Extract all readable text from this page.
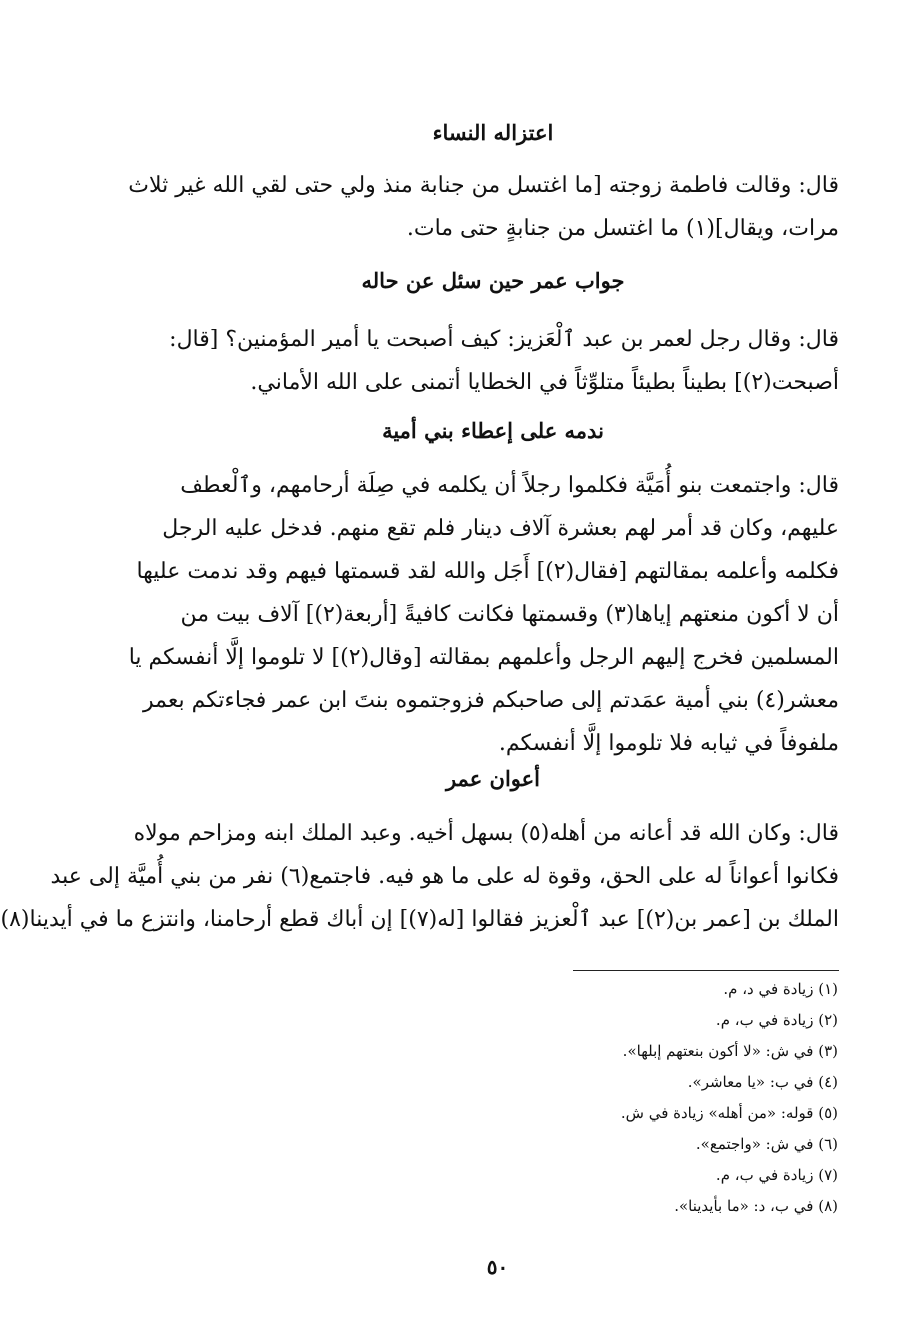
اعتزاله النساء
قال: وقالت فاطمة زوجته [ما اغتسل من جنابة منذ ولي حتى لقي الله غير ثلاث
مرات، ويقال](١) ما اغتسل من جنابةٍ حتى مات.
جواب عمر حين سئل عن حاله
قال: وقال رجل لعمر بن عبد ٱلْعَزيز: كيف أصبحت يا أمير المؤمنين؟ [قال:
أصبحت(٢)] بطيناً بطيئاً متلوِّثاً في الخطايا أتمنى على الله الأماني.
ندمه على إعطاء بني أمية
قال: واجتمعت بنو أُمَيَّة فكلموا رجلاً أن يكلمه في صِلَة أرحامهم، وٱلْعطف
عليهم، وكان قد أمر لهم بعشرة آلاف دينار فلم تقع منهم. فدخل عليه الرجل
فكلمه وأعلمه بمقالتهم [فقال(٢)] أَجَل والله لقد قسمتها فيهم وقد ندمت عليها
أن لا أكون منعتهم إياها(٣) وقسمتها فكانت كافيةً [أربعة(٢)] آلاف بيت من
المسلمين فخرج إليهم الرجل وأعلمهم بمقالته [وقال(٢)] لا تلوموا إلَّا أنفسكم يا
معشر(٤) بني أمية عمَدتم إلى صاحبكم فزوجتموه بنتَ ابن عمر فجاءتكم بعمر
ملفوفاً في ثيابه فلا تلوموا إلَّا أنفسكم.
أعوان عمر
قال: وكان الله قد أعانه من أهله(٥) بسهل أخيه. وعبد الملك ابنه ومزاحم مولاه
فكانوا أعواناً له على الحق، وقوة له على ما هو فيه. فاجتمع(٦) نفر من بني أُميَّة إلى عبد
الملك بن [عمر بن(٢)] عبد ٱلْعزيز فقالوا [له(٧)] إن أباك قطع أرحامنا، وانتزع ما في أيدينا(٨)
(١) زيادة في د، م.
(٢) زيادة في ب، م.
(٣) في ش: «لا أكون بنعتهم إبلها».
(٤) في ب: «يا معاشر».
(٥) قوله: «من أهله» زيادة في ش.
(٦) في ش: «واجتمع».
(٧) زيادة في ب، م.
(٨) في ب، د: «ما بأيدينا».
٥٠
